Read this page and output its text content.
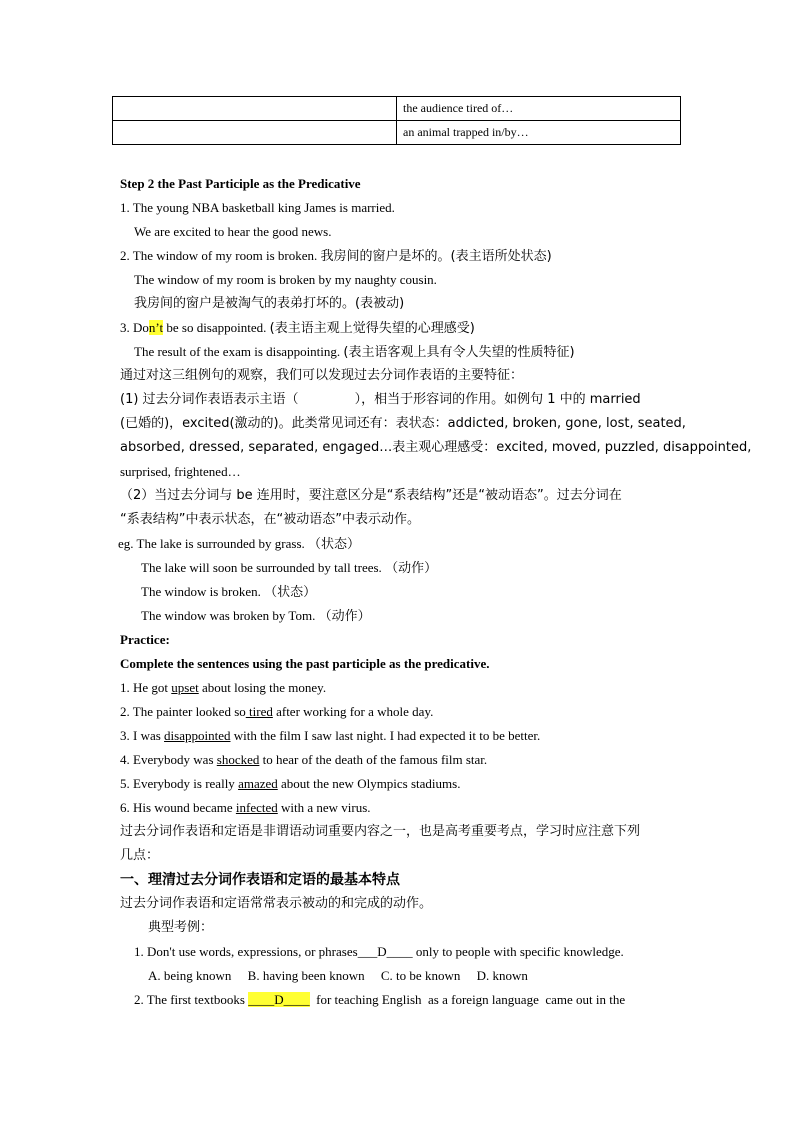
	the audience tired of…
	an animal trapped in/by…
Step 2 the Past Participle as the Predicative
1. The young NBA basketball king James is married.
We are excited to hear the good news.
2. The window of my room is broken. 我房间的窗户是坏的。(表主语所处状态)
The window of my room is broken by my naughty cousin.
我房间的窗户是被淘气的表弟打坏的。(表被动)
3. Don’t be so disappointed. (表主语主观上觉得失望的心理感受)
The result of the exam is disappointing. (表主语客观上具有令人失望的性质特征)
通过对这三组例句的观察，我们可以发现过去分词作表语的主要特征：
(1) 过去分词作表语表示主语（	），相当于形容词的作用。如例句 1 中的 married
(已婚的)，excited(激动的)。此类常见词还有：表状态：addicted, broken, gone, lost, seated,
absorbed, dressed, separated, engaged…表主观心理感受：excited, moved, puzzled, disappointed,
surprised, frightened…
（2）当过去分词与 be 连用时，要注意区分是“系表结构”还是“被动语态”。过去分词在
“系表结构”中表示状态，在“被动语态”中表示动作。
eg. The lake is surrounded by grass. （状态）
The lake will soon be surrounded by tall trees. （动作）
The window is broken. （状态）
The window was broken by Tom. （动作）
Practice:
Complete the sentences using the past participle as the predicative.
1. He got upset about losing the money.
2. The painter looked so tired after working for a whole day.
3. I was disappointed with the film I saw last night. I had expected it to be better.
4. Everybody was shocked to hear of the death of the famous film star.
5. Everybody is really amazed about the new Olympics stadiums.
6. His wound became infected with a new virus.
过去分词作表语和定语是非谓语动词重要内容之一，也是高考重要考点，学习时应注意下列
几点：
一、理清过去分词作表语和定语的最基本特点
过去分词作表语和定语常常表示被动的和完成的动作。
典型考例：
1. Don't use words, expressions, or phrases___D____ only to people with specific knowledge.
A. being known     B. having been known     C. to be known     D. known
2. The first textbooks ____D____  for teaching English  as a foreign language  came out in the
